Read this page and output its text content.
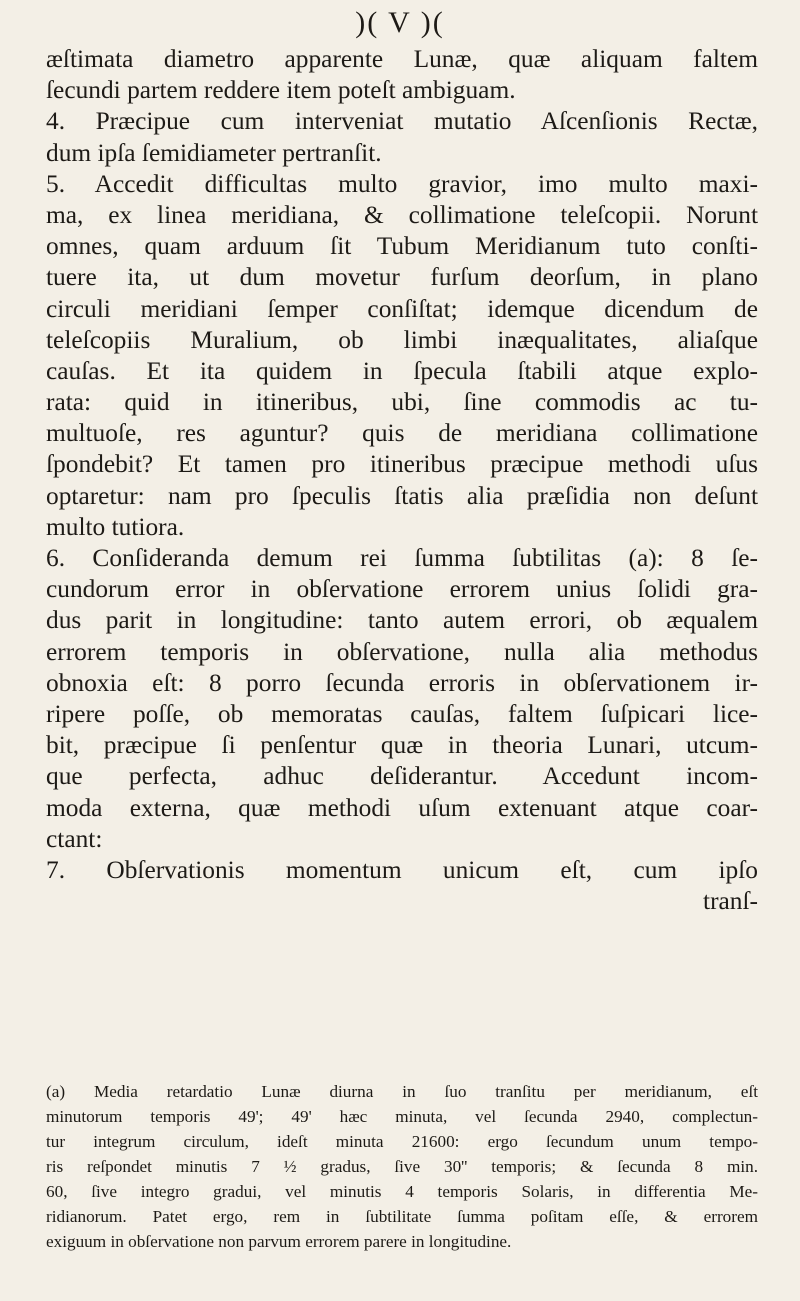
)( V )(
æſtimata diametro apparente Lunæ, quæ aliquam faltem
ſecundi partem reddere item poteſt ambiguam.
4. Præcipue cum interveniat mutatio Aſcenſionis Rectæ,
dum ipſa ſemidiameter pertranſit.
5. Accedit difficultas multo gravior, imo multo maxi-
ma, ex linea meridiana, & collimatione teleſcopii. Norunt
omnes, quam arduum ſit Tubum Meridianum tuto conſti-
tuere ita, ut dum movetur furſum deorſum, in plano
circuli meridiani ſemper conſiſtat; idemque dicendum de
teleſcopiis Muralium, ob limbi inæqualitates, aliaſque
cauſas. Et ita quidem in ſpecula ſtabili atque explo-
rata: quid in itineribus, ubi, ſine commodis ac tu-
multuoſe, res aguntur? quis de meridiana collimatione
ſpondebit? Et tamen pro itineribus præcipue methodi uſus
optaretur: nam pro ſpeculis ſtatis alia præſidia non deſunt
multo tutiora.
6. Conſideranda demum rei ſumma ſubtilitas (a): 8 ſe-
cundorum error in obſervatione errorem unius ſolidi gra-
dus parit in longitudine: tanto autem errori, ob æqualem
errorem temporis in obſervatione, nulla alia methodus
obnoxia eſt: 8 porro ſecunda erroris in obſervationem ir-
ripere poſſe, ob memoratas cauſas, faltem ſuſpicari lice-
bit, præcipue ſi penſentur quæ in theoria Lunari, utcum-
que perfecta, adhuc deſiderantur. Accedunt incom-
moda externa, quæ methodi uſum extenuant atque coar-
ctant:
7. Obſervationis momentum unicum eſt, cum ipſo
tranſ-
(a) Media retardatio Lunæ diurna in ſuo tranſitu per meridianum, eſt
minutorum temporis 49'; 49' hæc minuta, vel ſecunda 2940, complectun-
tur integrum circulum, ideſt minuta 21600: ergo ſecundum unum tempo-
ris reſpondet minutis 7 ½ gradus, ſive 30'' temporis; & ſecunda 8 min.
60, ſive integro gradui, vel minutis 4 temporis Solaris, in differentia Me-
ridianorum. Patet ergo, rem in ſubtilitate ſumma poſitam eſſe, & errorem
exiguum in obſervatione non parvum errorem parere in longitudine.
